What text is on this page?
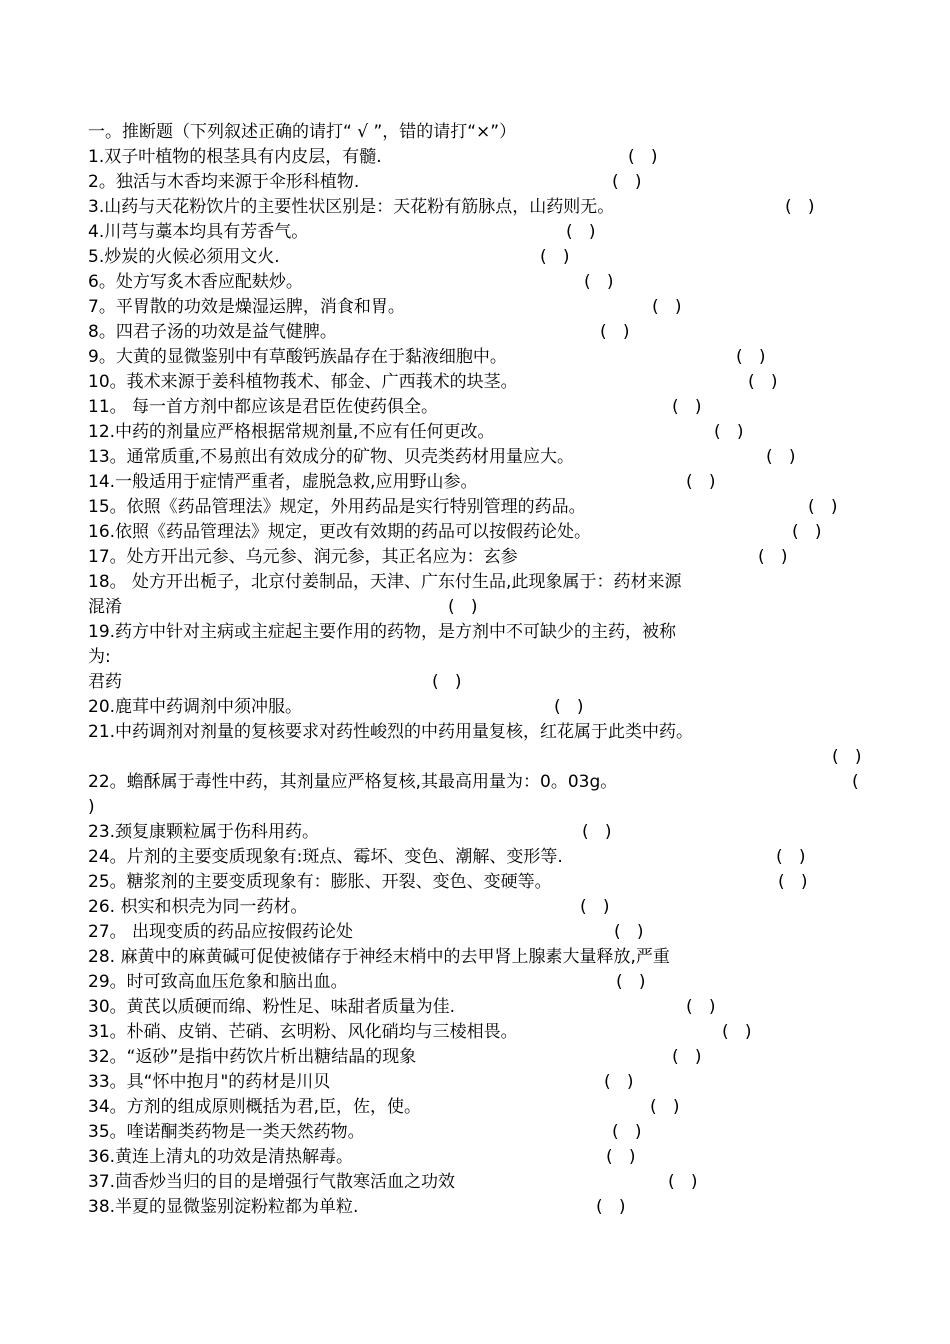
一。推断题（下列叙述正确的请打“ √ ”，错的请打“×”）
1.双子叶植物的根茎具有内皮层，有髓.	(   )
2。独活与木香均来源于伞形科植物.	(   )
3.山药与天花粉饮片的主要性状区别是：天花粉有筋脉点，山药则无。	(   )
4.川芎与藁本均具有芳香气。	(   )
5.炒炭的火候必须用文火.	(   )
6。处方写炙木香应配麸炒。	(   )
7。平胃散的功效是燥湿运脾，消食和胃。	(   )
8。四君子汤的功效是益气健脾。	(   )
9。大黄的显微鉴别中有草酸钙族晶存在于黏液细胞中。	(   )
10。莪术来源于姜科植物莪术、郁金、广西莪术的块茎。	(   )
11。 每一首方剂中都应该是君臣佐使药俱全。	(   )
12.中药的剂量应严格根据常规剂量,不应有任何更改。	(   )
13。通常质重,不易煎出有效成分的矿物、贝壳类药材用量应大。	(   )
14.一般适用于症情严重者，虚脱急救,应用野山参。	(   )
15。依照《药品管理法》规定，外用药品是实行特别管理的药品。	(   )
16.依照《药品管理法》规定，更改有效期的药品可以按假药论处。	(   )
17。处方开出元参、乌元参、润元参，其正名应为：玄参	(   )
18。 处方开出栀子，北京付姜制品，天津、广东付生品,此现象属于：药材来源
混淆	(   )
19.药方中针对主病或主症起主要作用的药物，是方剂中不可缺少的主药，被称
为:
君药	(   )
20.鹿茸中药调剂中须冲服。	(   )
21.中药调剂对剂量的复核要求对药性峻烈的中药用量复核，红花属于此类中药。
(   )
22。蟾酥属于毒性中药，其剂量应严格复核,其最高用量为：0。03g。	(
)
23.颈复康颗粒属于伤科用药。	(   )
24。片剂的主要变质现象有:斑点、霉坏、变色、潮解、变形等.	(   )
25。糖浆剂的主要变质现象有：膨胀、开裂、变色、变硬等。	(   )
26. 枳实和枳壳为同一药材。	(   )
27。 出现变质的药品应按假药论处	(   )
28. 麻黄中的麻黄碱可促使被储存于神经末梢中的去甲肾上腺素大量释放,严重
29。时可致高血压危象和脑出血。	(   )
30。黄芪以质硬而绵、粉性足、味甜者质量为佳.	(   )
31。朴硝、皮销、芒硝、玄明粉、风化硝均与三棱相畏。	(   )
32。“返砂”是指中药饮片析出糖结晶的现象	(   )
33。具“怀中抱月"的药材是川贝	(   )
34。方剂的组成原则概括为君,臣，佐，使。	(   )
35。喹诺酮类药物是一类天然药物。	(   )
36.黄连上清丸的功效是清热解毒。	(   )
37.茴香炒当归的目的是增强行气散寒活血之功效	(   )
38.半夏的显微鉴别淀粉粒都为单粒.	(   )
